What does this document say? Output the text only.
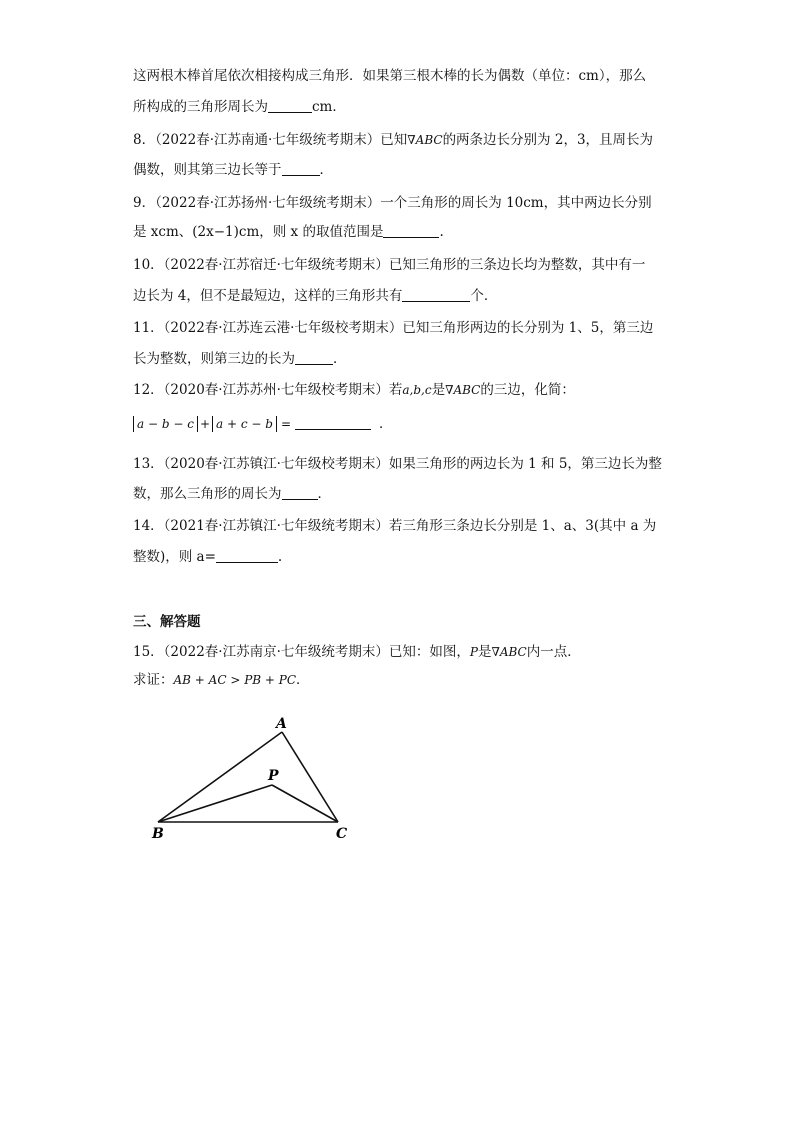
这两根木棒首尾依次相接构成三角形．如果第三根木棒的长为偶数（单位：cm），那么
所构成的三角形周长为	cm．
8．（2022春·江苏南通·七年级统考期末）已知∇ABC的两条边长分别为 2，3，且周长为
偶数，则其第三边长等于	．
9．（2022春·江苏扬州·七年级统考期末）一个三角形的周长为 10cm，其中两边长分别
是 xcm、(2x−1)cm，则 x 的取值范围是	.
10．（2022春·江苏宿迁·七年级统考期末）已知三角形的三条边长均为整数，其中有一
边长为 4，但不是最短边，这样的三角形共有	个．
11．（2022春·江苏连云港·七年级校考期末）已知三角形两边的长分别为 1、5，第三边
长为整数，则第三边的长为	．
12．（2020春·江苏苏州·七年级校考期末）若a,b,c是∇ABC的三边，化简：
a − b − c + a + c − b =	．
13．（2020春·江苏镇江·七年级校考期末）如果三角形的两边长为 1 和 5，第三边长为整
数，那么三角形的周长为	．
14．（2021春·江苏镇江·七年级统考期末）若三角形三条边长分别是 1、a、3(其中 a 为
整数)，则 a=	.
三、解答题
15．（2022春·江苏南京·七年级统考期末）已知：如图，P是∇ABC内一点．
求证：AB + AC > PB + PC．
A
P
B	C
